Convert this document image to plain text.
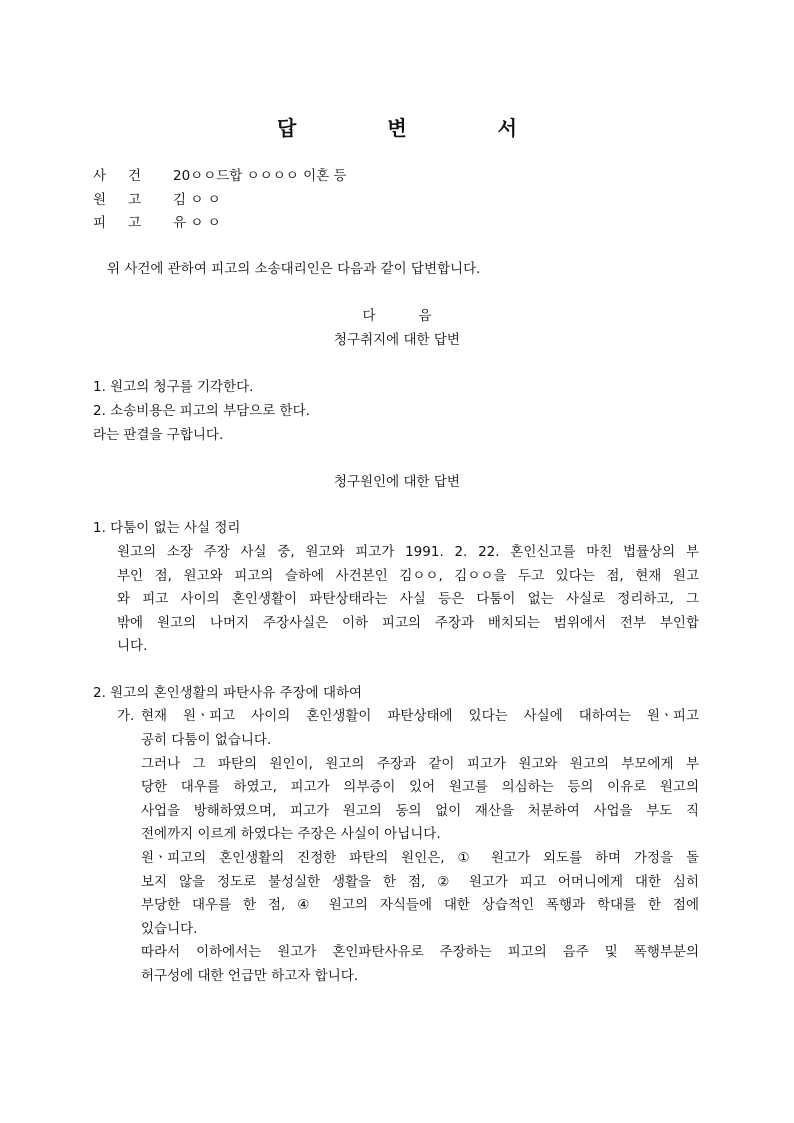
답 변 서
사건 20ㅇㅇ드합 ㅇㅇㅇㅇ 이혼 등
원고 김 ㅇ ㅇ
피고 유 ㅇ ㅇ
위 사건에 관하여 피고의 소송대리인은 다음과 같이 답변합니다.
다          음
청구취지에 대한 답변
1. 원고의 청구를 기각한다.
2. 소송비용은 피고의 부담으로 한다.
라는 판결을 구합니다.
청구원인에 대한 답변
1. 다툼이 없는 사실 정리
원고의 소장 주장 사실 중, 원고와 피고가 1991. 2. 22. 혼인신고를 마친 법률상의 부
부인 점, 원고와 피고의 슬하에 사건본인 김ㅇㅇ, 김ㅇㅇ을 두고 있다는 점, 현재 원고
와 피고 사이의 혼인생활이 파탄상태라는 사실 등은 다툼이 없는 사실로 정리하고, 그
밖에 원고의 나머지 주장사실은 이하 피고의 주장과 배치되는 범위에서 전부 부인합
니다.
2. 원고의 혼인생활의 파탄사유 주장에 대하여
가. 현재 원ㆍ피고 사이의 혼인생활이 파탄상태에 있다는 사실에 대하여는 원ㆍ피고
공히 다툼이 없습니다.
그러나 그 파탄의 원인이, 원고의 주장과 같이 피고가 원고와 원고의 부모에게 부
당한 대우를 하였고, 피고가 의부증이 있어 원고를 의심하는 등의 이유로 원고의
사업을 방해하였으며, 피고가 원고의 동의 없이 재산을 처분하여 사업을 부도 직
전에까지 이르게 하였다는 주장은 사실이 아닙니다.
원ㆍ피고의 혼인생활의 진정한 파탄의 원인은, ① 원고가 외도를 하며 가정을 돌
보지 않을 정도로 불성실한 생활을 한 점, ② 원고가 피고 어머니에게 대한 심히
부당한 대우를 한 점, ④ 원고의 자식들에 대한 상습적인 폭행과 학대를 한 점에
있습니다.
따라서 이하에서는 원고가 혼인파탄사유로 주장하는 피고의 음주 및 폭행부분의
허구성에 대한 언급만 하고자 합니다.
